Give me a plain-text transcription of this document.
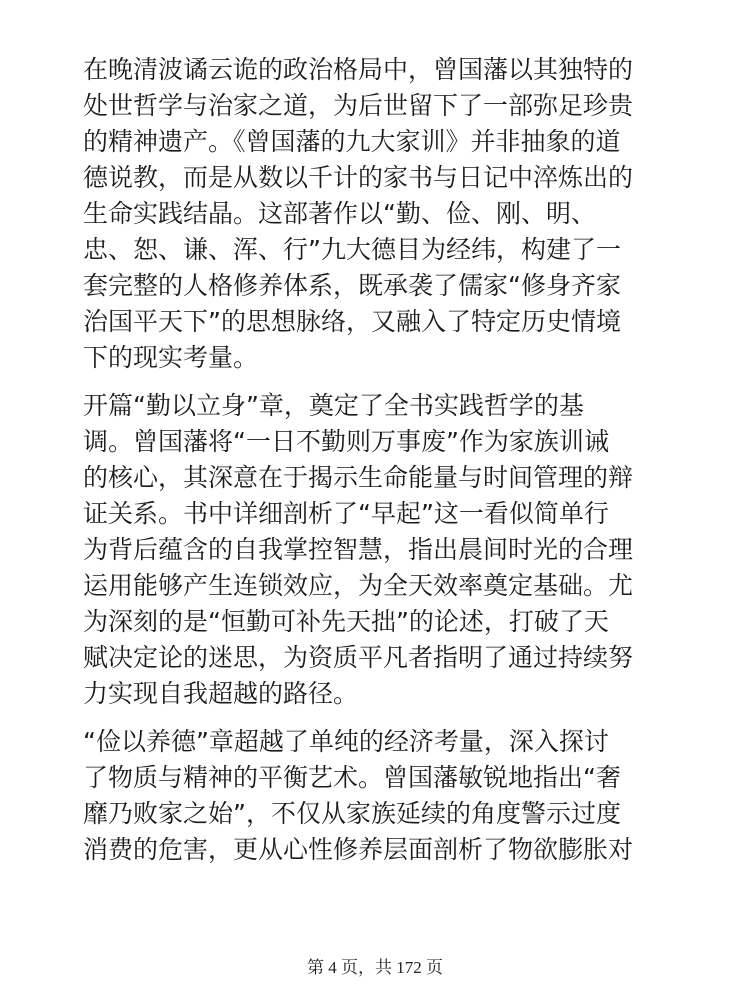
在晚清波谲云诡的政治格局中，曾国藩以其独特的
处世哲学与治家之道，为后世留下了一部弥足珍贵
的精神遗产。《曾国藩的九大家训》并非抽象的道
德说教，而是从数以千计的家书与日记中淬炼出的
生命实践结晶。这部著作以“勤、俭、刚、明、
忠、恕、谦、浑、行”九大德目为经纬，构建了一
套完整的人格修养体系，既承袭了儒家“修身齐家
治国平天下”的思想脉络，又融入了特定历史情境
下的现实考量。
开篇“勤以立身”章，奠定了全书实践哲学的基
调。曾国藩将“一日不勤则万事废”作为家族训诫
的核心，其深意在于揭示生命能量与时间管理的辩
证关系。书中详细剖析了“早起”这一看似简单行
为背后蕴含的自我掌控智慧，指出晨间时光的合理
运用能够产生连锁效应，为全天效率奠定基础。尤
为深刻的是“恒勤可补先天拙”的论述，打破了天
赋决定论的迷思，为资质平凡者指明了通过持续努
力实现自我超越的路径。
“俭以养德”章超越了单纯的经济考量，深入探讨
了物质与精神的平衡艺术。曾国藩敏锐地指出“奢
靡乃败家之始”，不仅从家族延续的角度警示过度
消费的危害，更从心性修养层面剖析了物欲膨胀对
第 4 页，共 172 页
